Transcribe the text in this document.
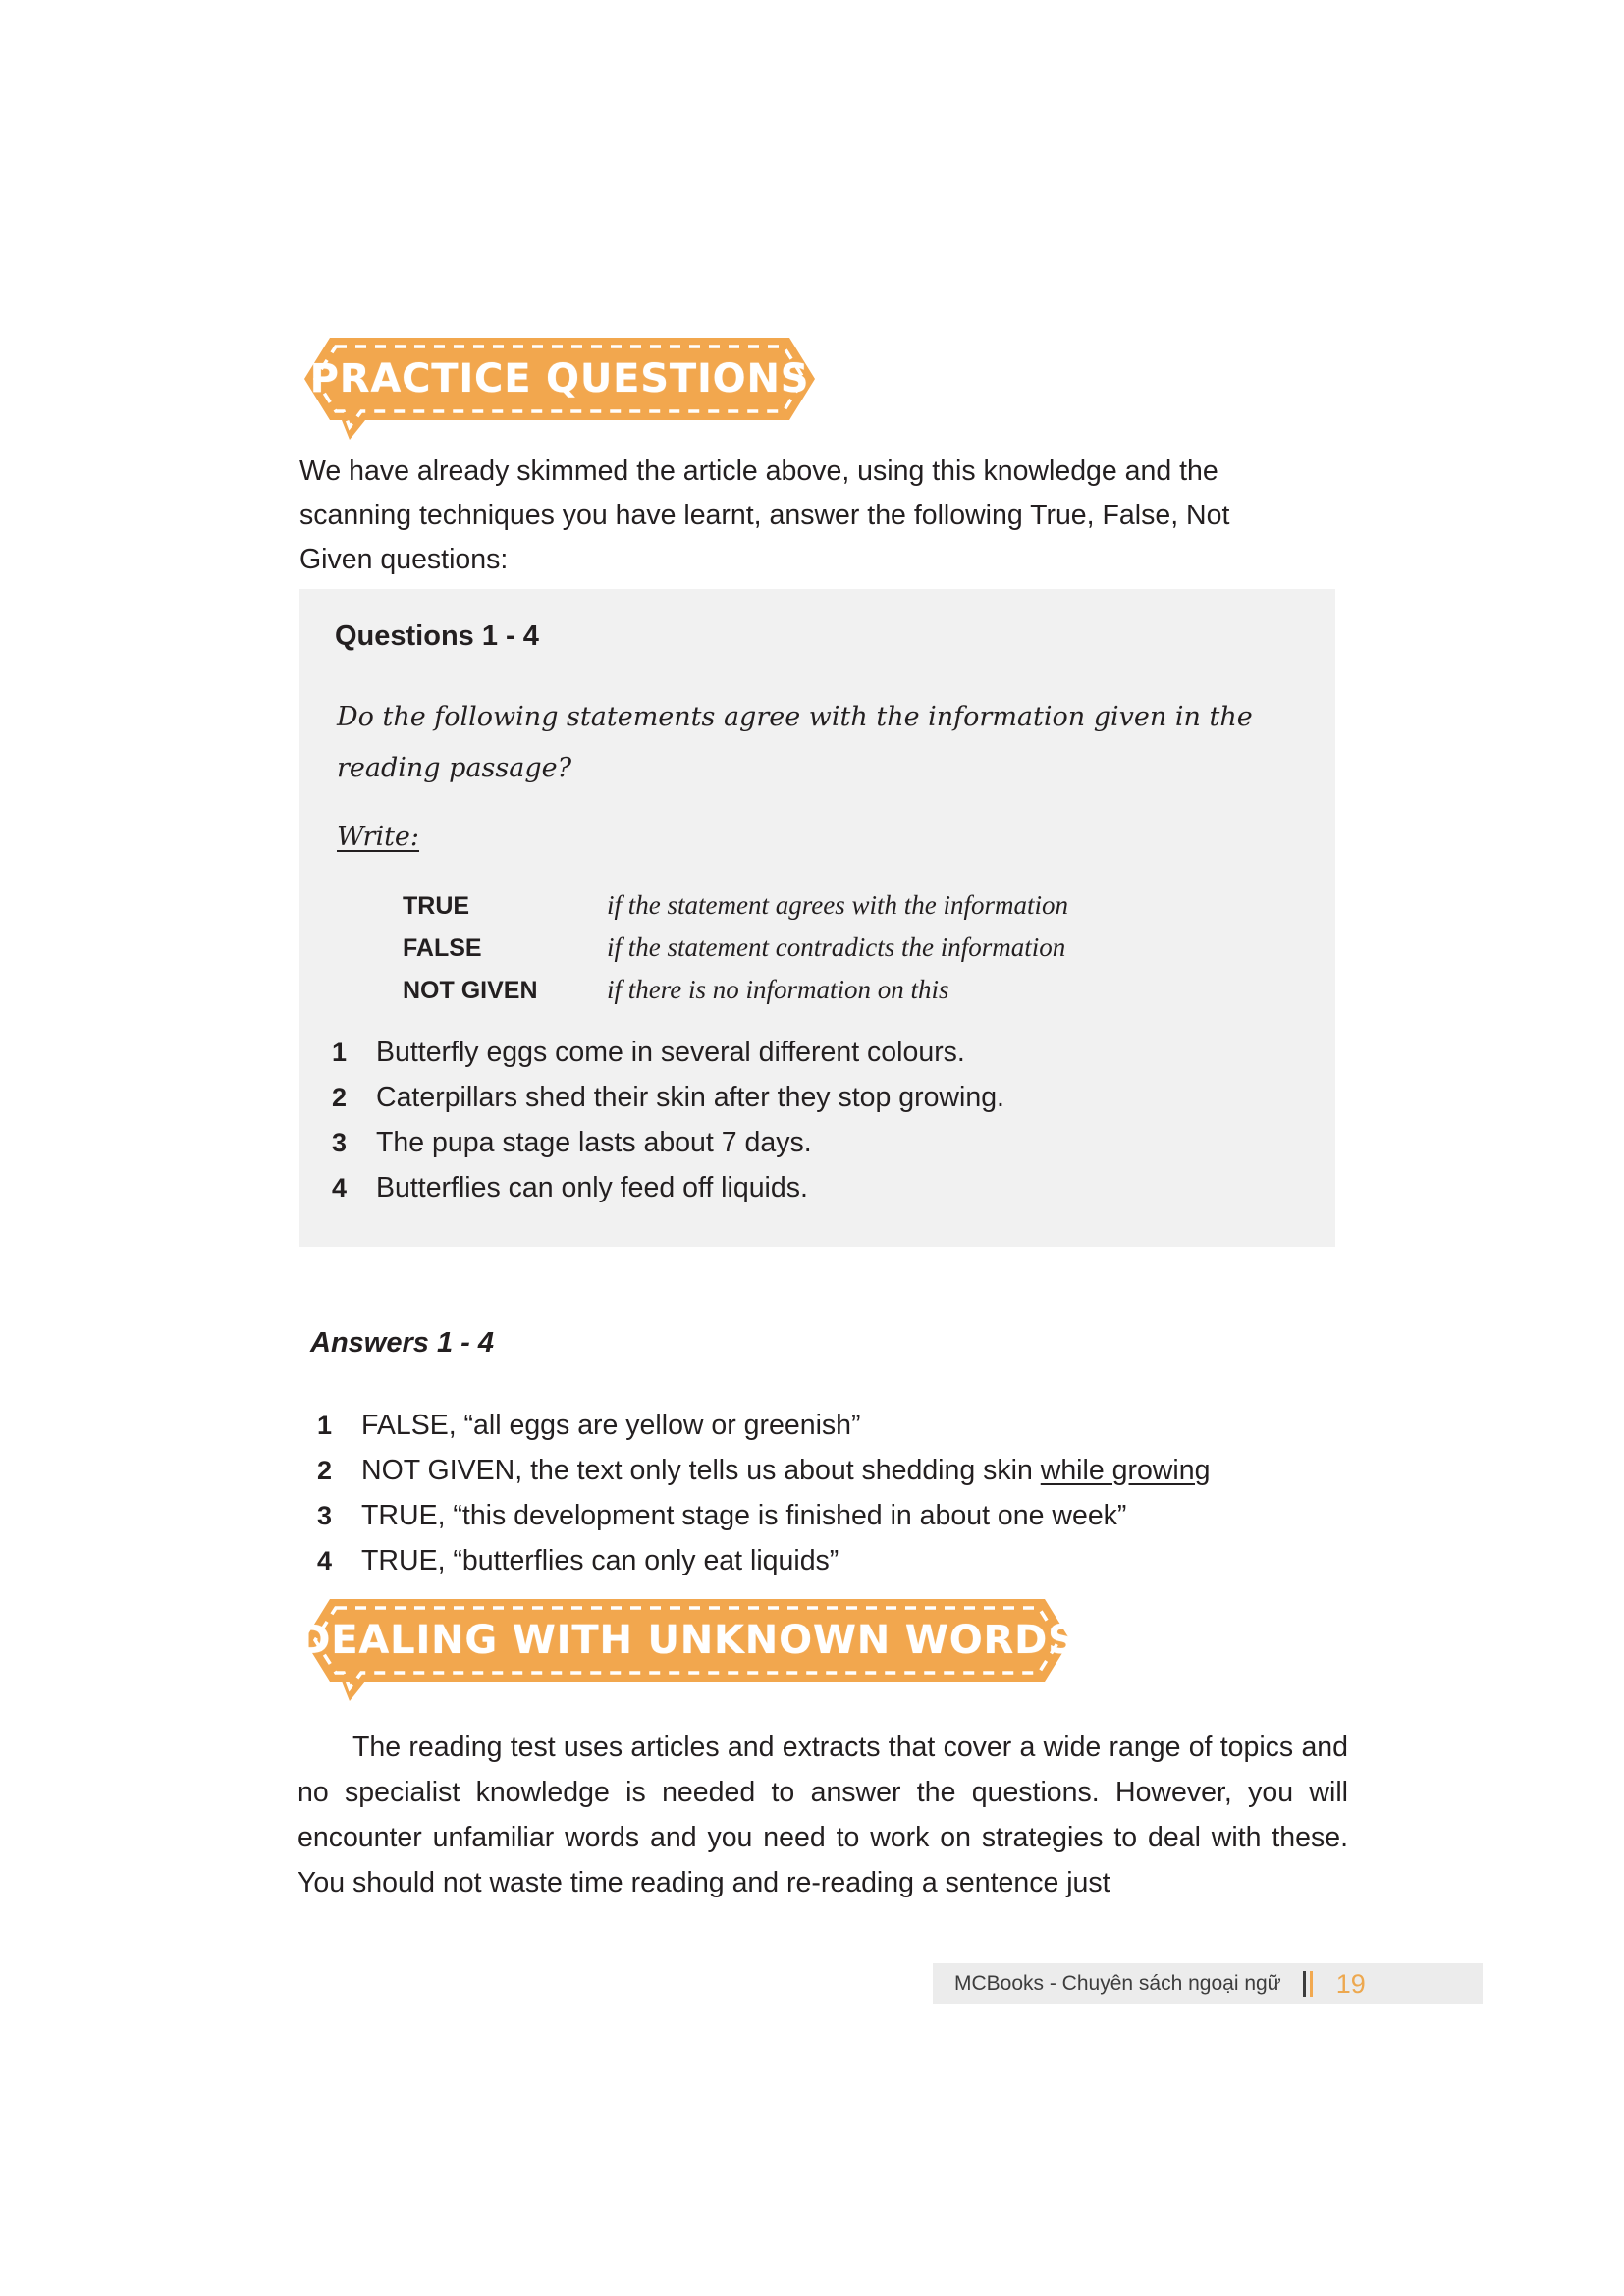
PRACTICE QUESTIONS
We have already skimmed the article above, using this knowledge and the scanning techniques you have learnt, answer the following True, False, Not Given questions:
Questions 1 - 4
Do the following statements agree with the information given in the reading passage?
Write:
TRUE	if the statement agrees with the information
FALSE	if the statement contradicts the information
NOT GIVEN	if there is no information on this
1	Butterfly eggs come in several different colours.
2	Caterpillars shed their skin after they stop growing.
3	The pupa stage lasts about 7 days.
4	Butterflies can only feed off liquids.
Answers 1 - 4
1	FALSE, “all eggs are yellow or greenish”
2	NOT GIVEN, the text only tells us about shedding skin while growing
3	TRUE, “this development stage is finished in about one week”
4	TRUE, “butterflies can only eat liquids”
DEALING WITH UNKNOWN WORDS
The reading test uses articles and extracts that cover a wide range of topics and no specialist knowledge is needed to answer the questions. However, you will encounter unfamiliar words and you need to work on strategies to deal with these. You should not waste time reading and re-reading a sentence just
MCBooks - Chuyên sách ngoại ngữ 19
